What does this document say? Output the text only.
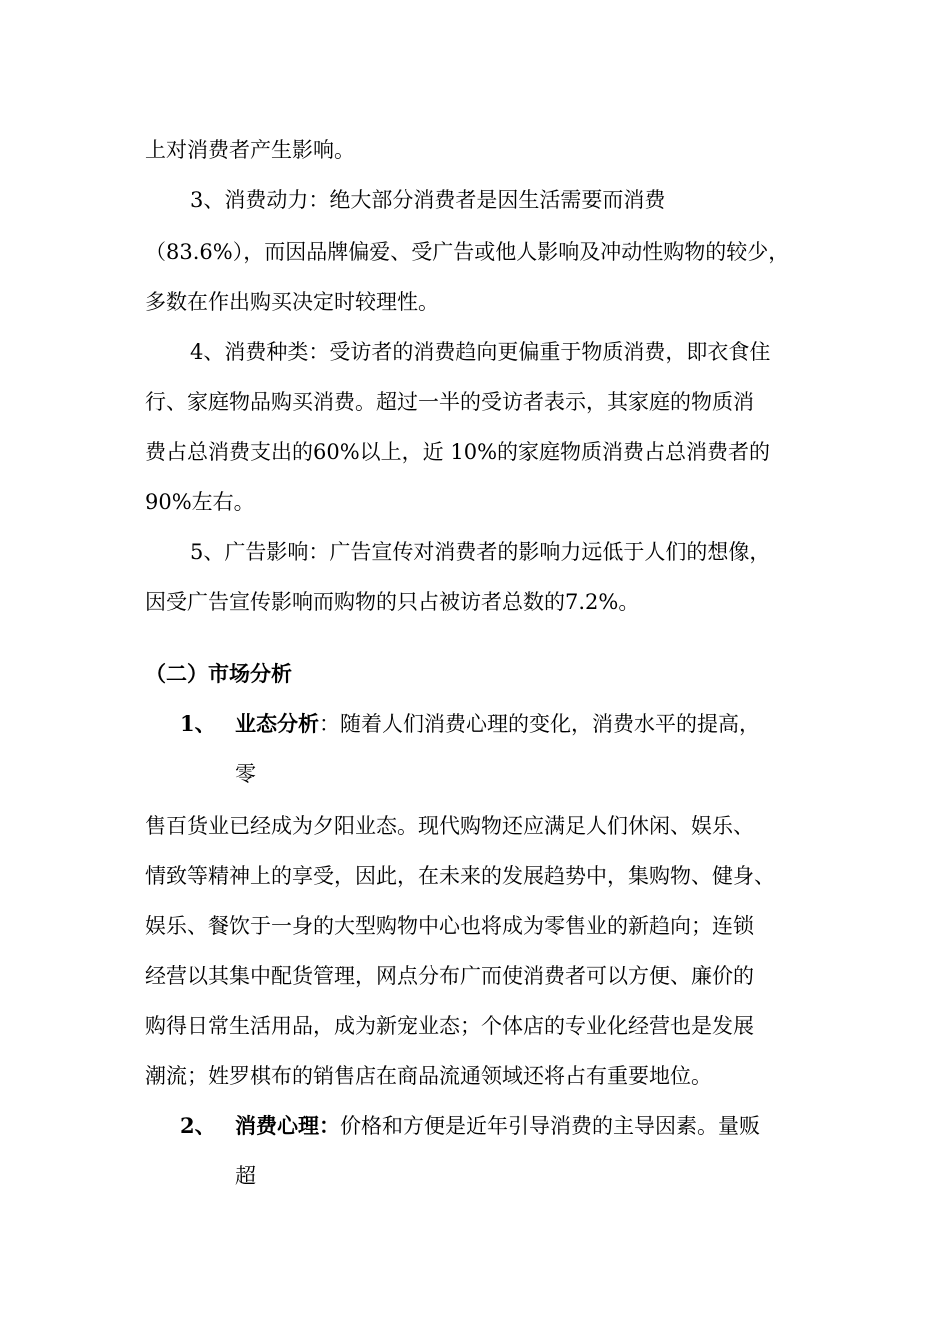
上对消费者产生影响。
3、消费动力：绝大部分消费者是因生活需要而消费
（83.6%），而因品牌偏爱、受广告或他人影响及冲动性购物的较少，
多数在作出购买决定时较理性。
4、消费种类：受访者的消费趋向更偏重于物质消费，即衣食住
行、家庭物品购买消费。超过一半的受访者表示，其家庭的物质消
费占总消费支出的60%以上，近 10%的家庭物质消费占总消费者的
90%左右。
5、广告影响：广告宣传对消费者的影响力远低于人们的想像，
因受广告宣传影响而购物的只占被访者总数的7.2%。
（二）市场分析
1、 业态分析：随着人们消费心理的变化，消费水平的提高，
零
售百货业已经成为夕阳业态。现代购物还应满足人们休闲、娱乐、
情致等精神上的享受，因此，在未来的发展趋势中，集购物、健身、
娱乐、餐饮于一身的大型购物中心也将成为零售业的新趋向；连锁
经营以其集中配货管理，网点分布广而使消费者可以方便、廉价的
购得日常生活用品，成为新宠业态；个体店的专业化经营也是发展
潮流；姓罗棋布的销售店在商品流通领域还将占有重要地位。
2、 消费心理：价格和方便是近年引导消费的主导因素。量贩
超
